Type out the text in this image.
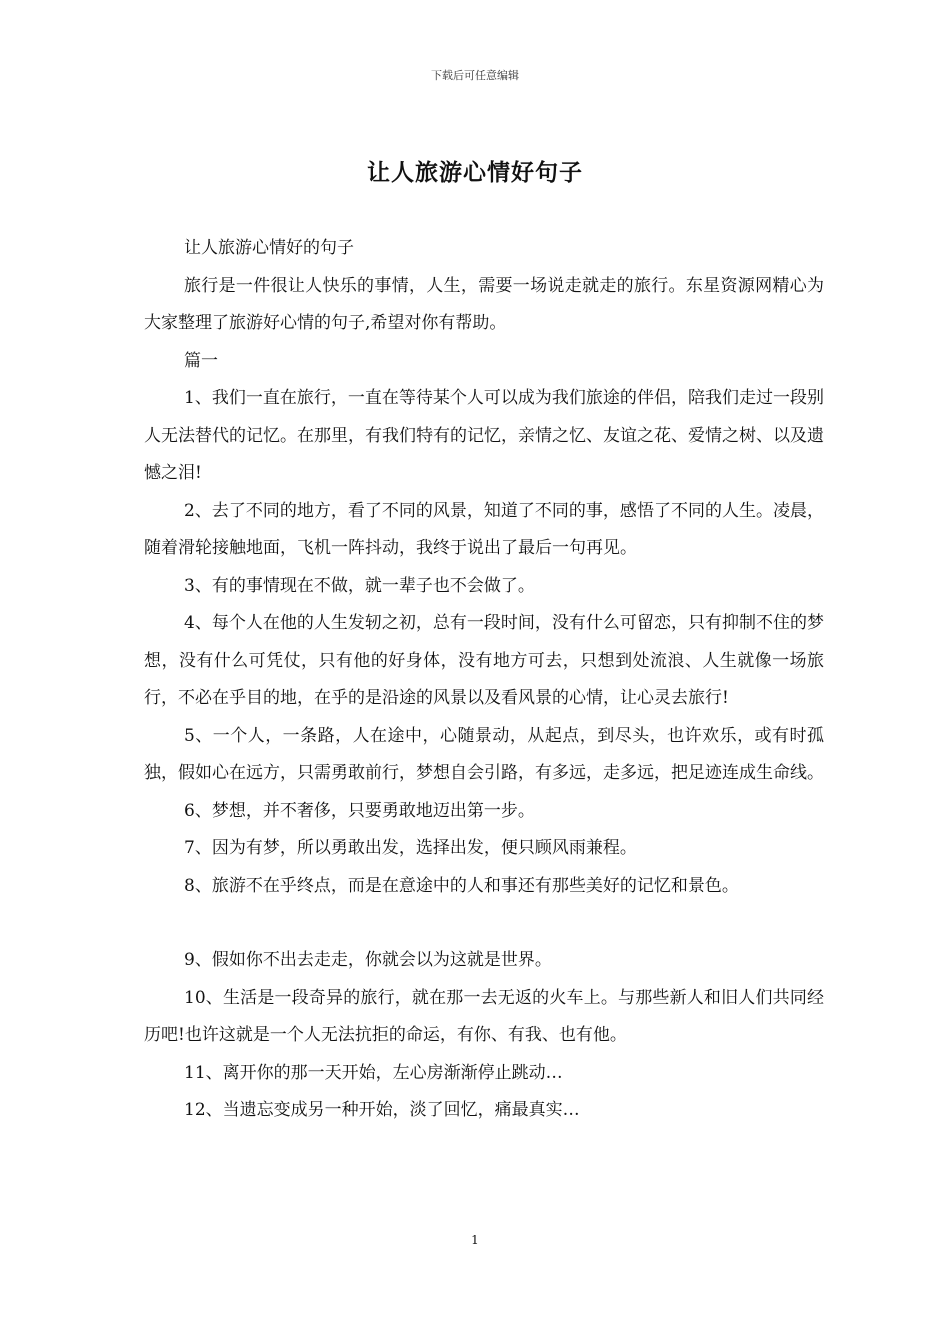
下载后可任意编辑
让人旅游心情好句子

让人旅游心情好的句子

旅行是一件很让人快乐的事情，人生，需要一场说走就走的旅行。东星资源网精心为大家整理了旅游好心情的句子,希望对你有帮助。

篇一

1、我们一直在旅行，一直在等待某个人可以成为我们旅途的伴侣，陪我们走过一段别人无法替代的记忆。在那里，有我们特有的记忆，亲情之忆、友谊之花、爱情之树、以及遗憾之泪!

2、去了不同的地方，看了不同的风景，知道了不同的事，感悟了不同的人生。凌晨，随着滑轮接触地面，飞机一阵抖动，我终于说出了最后一句再见。

3、有的事情现在不做，就一辈子也不会做了。

4、每个人在他的人生发轫之初，总有一段时间，没有什么可留恋，只有抑制不住的梦想，没有什么可凭仗，只有他的好身体，没有地方可去，只想到处流浪、人生就像一场旅行，不必在乎目的地，在乎的是沿途的风景以及看风景的心情，让心灵去旅行!

5、一个人，一条路，人在途中，心随景动，从起点，到尽头，也许欢乐，或有时孤独，假如心在远方，只需勇敢前行，梦想自会引路，有多远，走多远，把足迹连成生命线。

6、梦想，并不奢侈，只要勇敢地迈出第一步。

7、因为有梦，所以勇敢出发，选择出发，便只顾风雨兼程。

8、旅游不在乎终点，而是在意途中的人和事还有那些美好的记忆和景色。

9、假如你不出去走走，你就会以为这就是世界。

10、生活是一段奇异的旅行，就在那一去无返的火车上。与那些新人和旧人们共同经历吧!也许这就是一个人无法抗拒的命运，有你、有我、也有他。

11、离开你的那一天开始，左心房渐渐停止跳动…

12、当遗忘变成另一种开始，淡了回忆，痛最真实…

1
